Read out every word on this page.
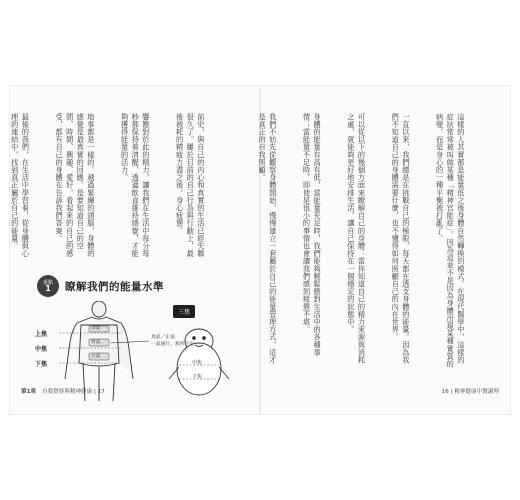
前史，與自己的內心和真實的生活已經失聯很久了。屢於目前的自己行為與行動上，最後被耗的精疲力盡之後，身心疲憊。

響應對於此的精力，讓我們在生活中每分每秒都保持着清醒，透過飲食維持感覺，才能夠獲得能量的活力。

地事都是一樣的。越過緊繃的頭腦，身體的感覺是最真實的回應。是要知道自己的空間、時間、興趣、愛好，看起來的自己的感受，都有自己的身體在告訴我們答案。

最後的我們，在生活中學習着，從身體與心理的連結中，找到真正屬於自己的能量。

重點
1 瞭解我們的能量水準
上焦
中焦
下焦
清氣
胃氣
元氣
三焦
真氣／正氣
一氣通行，無所不至
中焦
下焦
第1章 自我覺察與精神健康 | 17

這樣的人其實都是能量低之後身體自然轉換的模式。在現代醫學中，這樣的症狀常常被叫做某種「精神官能症」。因為這並不是因為身體出現某種實質的病變，而是身心的一種平衡被打亂了。

一直以來，我們總是在挑戰自己的極限，每天都在透支身體的能量。因為我們不知道自己的身體需要什麼，也不懂得如何照顧自己的內在世界。

可以從以下的幾個方面來瞭解自己的身體：當你知道自己的精力來源與消耗之處，就能夠更好地安排生活，讓自己保持在一個穩定的狀態中。

身體的能量有高有低，當能量充足時，我們能夠輕鬆應對生活中的各種事情；當能量不足時，即使是很小的事情也會讓我們感到疲憊不堪。

我們不妨先從觀察身體開始，慢慢建立一套屬於自己的能量管理方式，這才是真正的自我照顧。

16 | 精神健康中醫調理
